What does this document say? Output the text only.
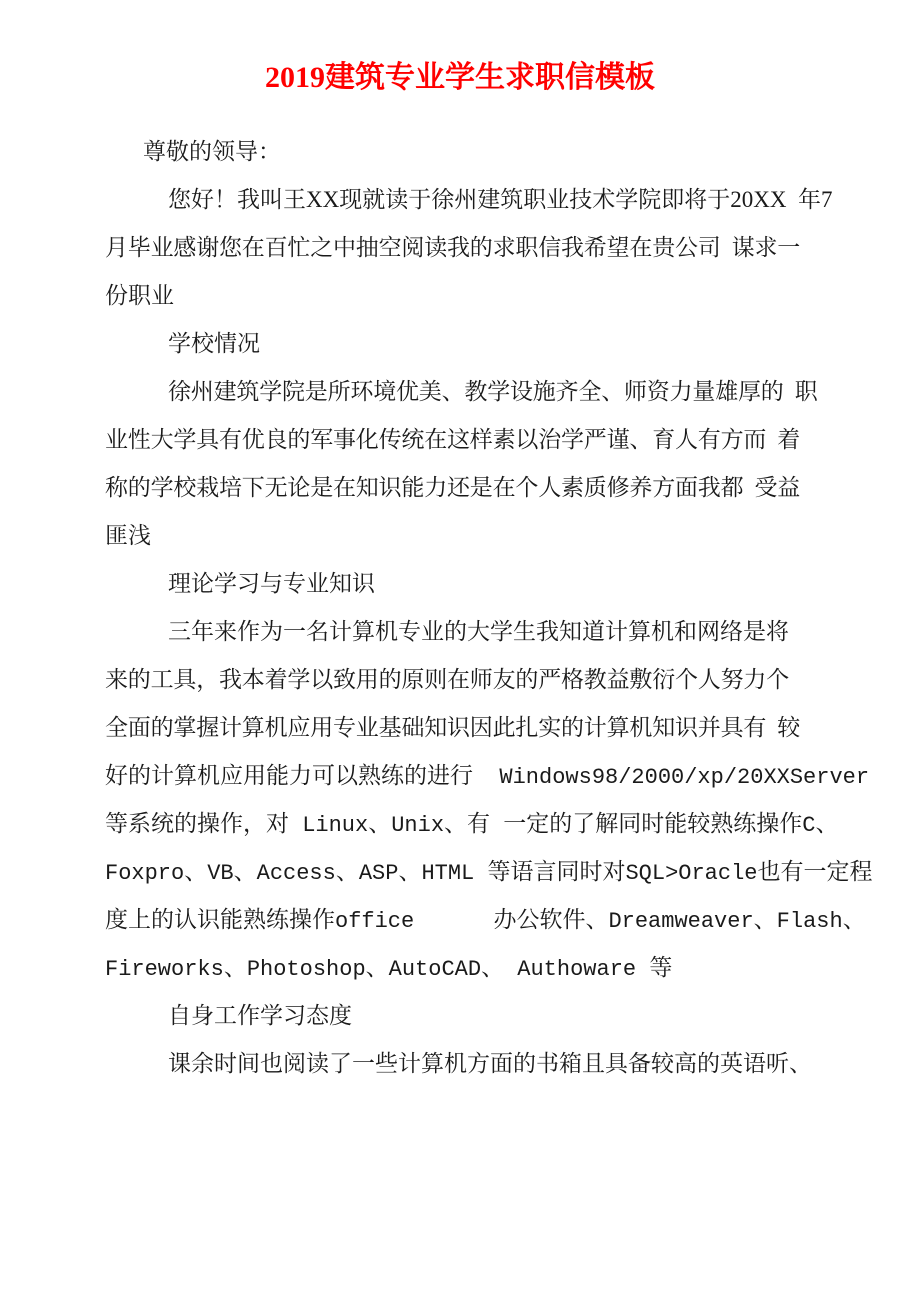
2019建筑专业学生求职信模板
尊敬的领导：
您好！我叫王XX现就读于徐州建筑职业技术学院即将于20XX  年7
月毕业感谢您在百忙之中抽空阅读我的求职信我希望在贵公司  谋求一
份职业
学校情况
徐州建筑学院是所环境优美、教学设施齐全、师资力量雄厚的  职
业性大学具有优良的军事化传统在这样素以治学严谨、育人有方而  着
称的学校栽培下无论是在知识能力还是在个人素质修养方面我都  受益
匪浅
理论学习与专业知识
三年来作为一名计算机专业的大学生我知道计算机和网络是将
来的工具，我本着学以致用的原则在师友的严格教益敷衍个人努力个
全面的掌握计算机应用专业基础知识因此扎实的计算机知识并具有  较
好的计算机应用能力可以熟练的进行  Windows98/2000/xp/20XXServer
等系统的操作，对 Linux、Unix、有 一定的了解同时能较熟练操作C、
Foxpro、VB、Access、ASP、HTML 等语言同时对SQL>Oracle也有一定程
度上的认识能熟练操作office      办公软件、Dreamweaver、Flash、
Fireworks、Photoshop、AutoCAD、 Authoware 等
自身工作学习态度
课余时间也阅读了一些计算机方面的书箱且具备较高的英语听、
